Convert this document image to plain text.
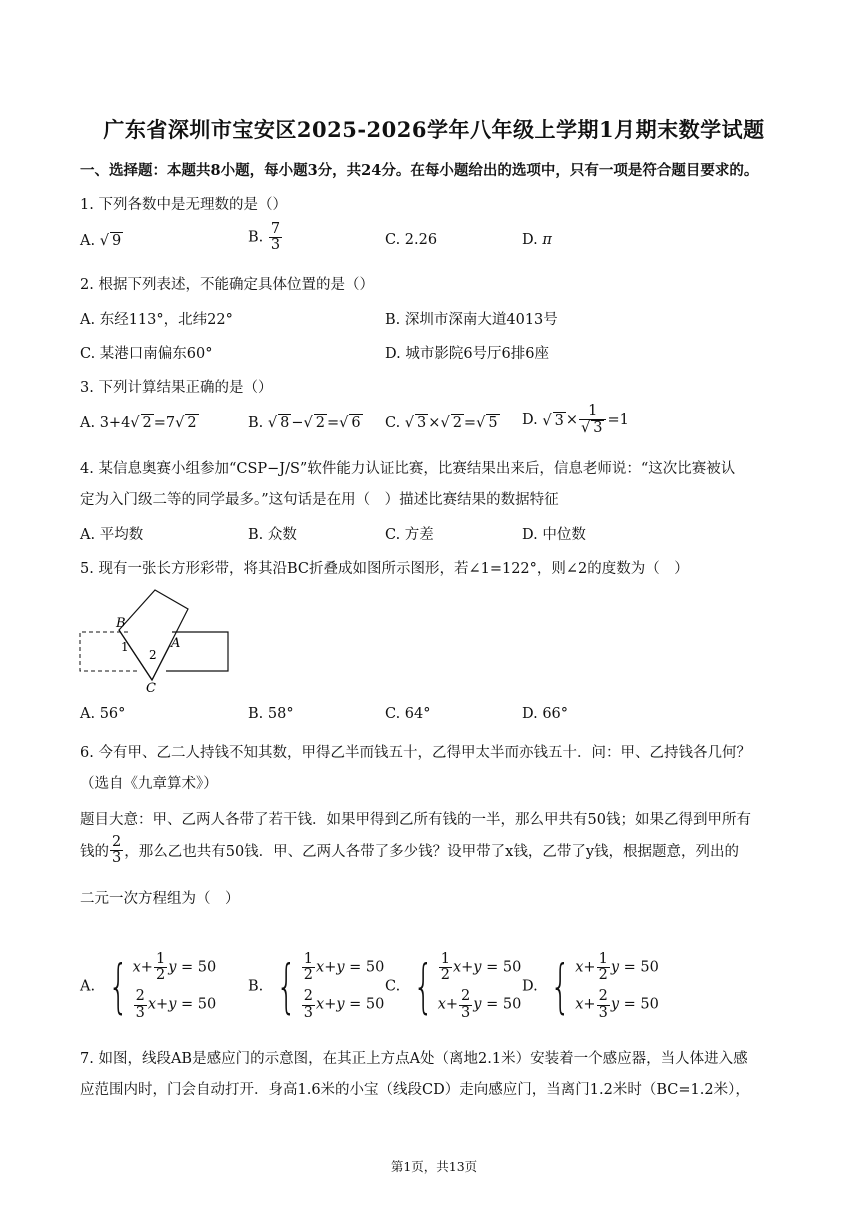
广东省深圳市宝安区2025-2026学年八年级上学期1月期末数学试题
一、选择题：本题共8小题，每小题3分，共24分。在每小题给出的选项中，只有一项是符合题目要求的。
1. 下列各数中是无理数的是（）
A. √ 9	B. $\frac{7}{3}$	C. 2.26	D. π
2. 根据下列表述，不能确定具体位置的是（）
A. 东经113°，北纬22°	B. 深圳市深南大道4013号
C. 某港口南偏东60°	D. 城市影院6号厅6排6座
3. 下列计算结果正确的是（）
A. 3+4√ 2 =7√ 2	B. √ 8 −√ 2 =√ 6 C. √ 3 ×√ 2 =√ 5 D. √ $3 \times \frac{1}{√ 3} =1$
4. 某信息奥赛小组参加“CSP−J/S”软件能力认证比赛，比赛结果出来后，信息老师说：“这次比赛被认
定为入门级二等的同学最多。”这句话是在用（　）描述比赛结果的数据特征
A. 平均数	B. 众数	C. 方差	D. 中位数
5. 现有一张长方形彩带，将其沿BC折叠成如图所示图形，若∠1=122°，则∠2的度数为（　）
B
A
C
1
2
A. 56°	B. 58°	C. 64°	D. 66°
6. 今有甲、乙二人持钱不知其数，甲得乙半而钱五十，乙得甲太半而亦钱五十．问：甲、乙持钱各几何？
（选自《九章算术》）
题目大意：甲、乙两人各带了若干钱．如果甲得到乙所有钱的一半，那么甲共有50钱；如果乙得到甲所有
钱的 $\frac{2}{3}$ ，那么乙也共有50钱．甲、乙两人各带了多少钱？设甲带了x钱，乙带了y钱，根据题意，列出的
二元一次方程组为（　）
A. { $x+ \frac{1}{2}$ y = 50
$\frac{2}{3} x+y = 50$
B. { $\frac{1}{2} x+y = 50$
$\frac{2}{3} x+y = 50$
C. { $\frac{1}{2} x+y = 50$
$x+ \frac{2}{3}$ y = 50
D. { $x+ \frac{1}{2}$ y = 50
$x+ \frac{2}{3}$ y = 50
7. 如图，线段AB是感应门的示意图，在其正上方点A处（离地2.1米）安装着一个感应器，当人体进入感
应范围内时，门会自动打开．身高1.6米的小宝（线段CD）走向感应门，当离门1.2米时（BC=1.2米），
第1页，共13页
